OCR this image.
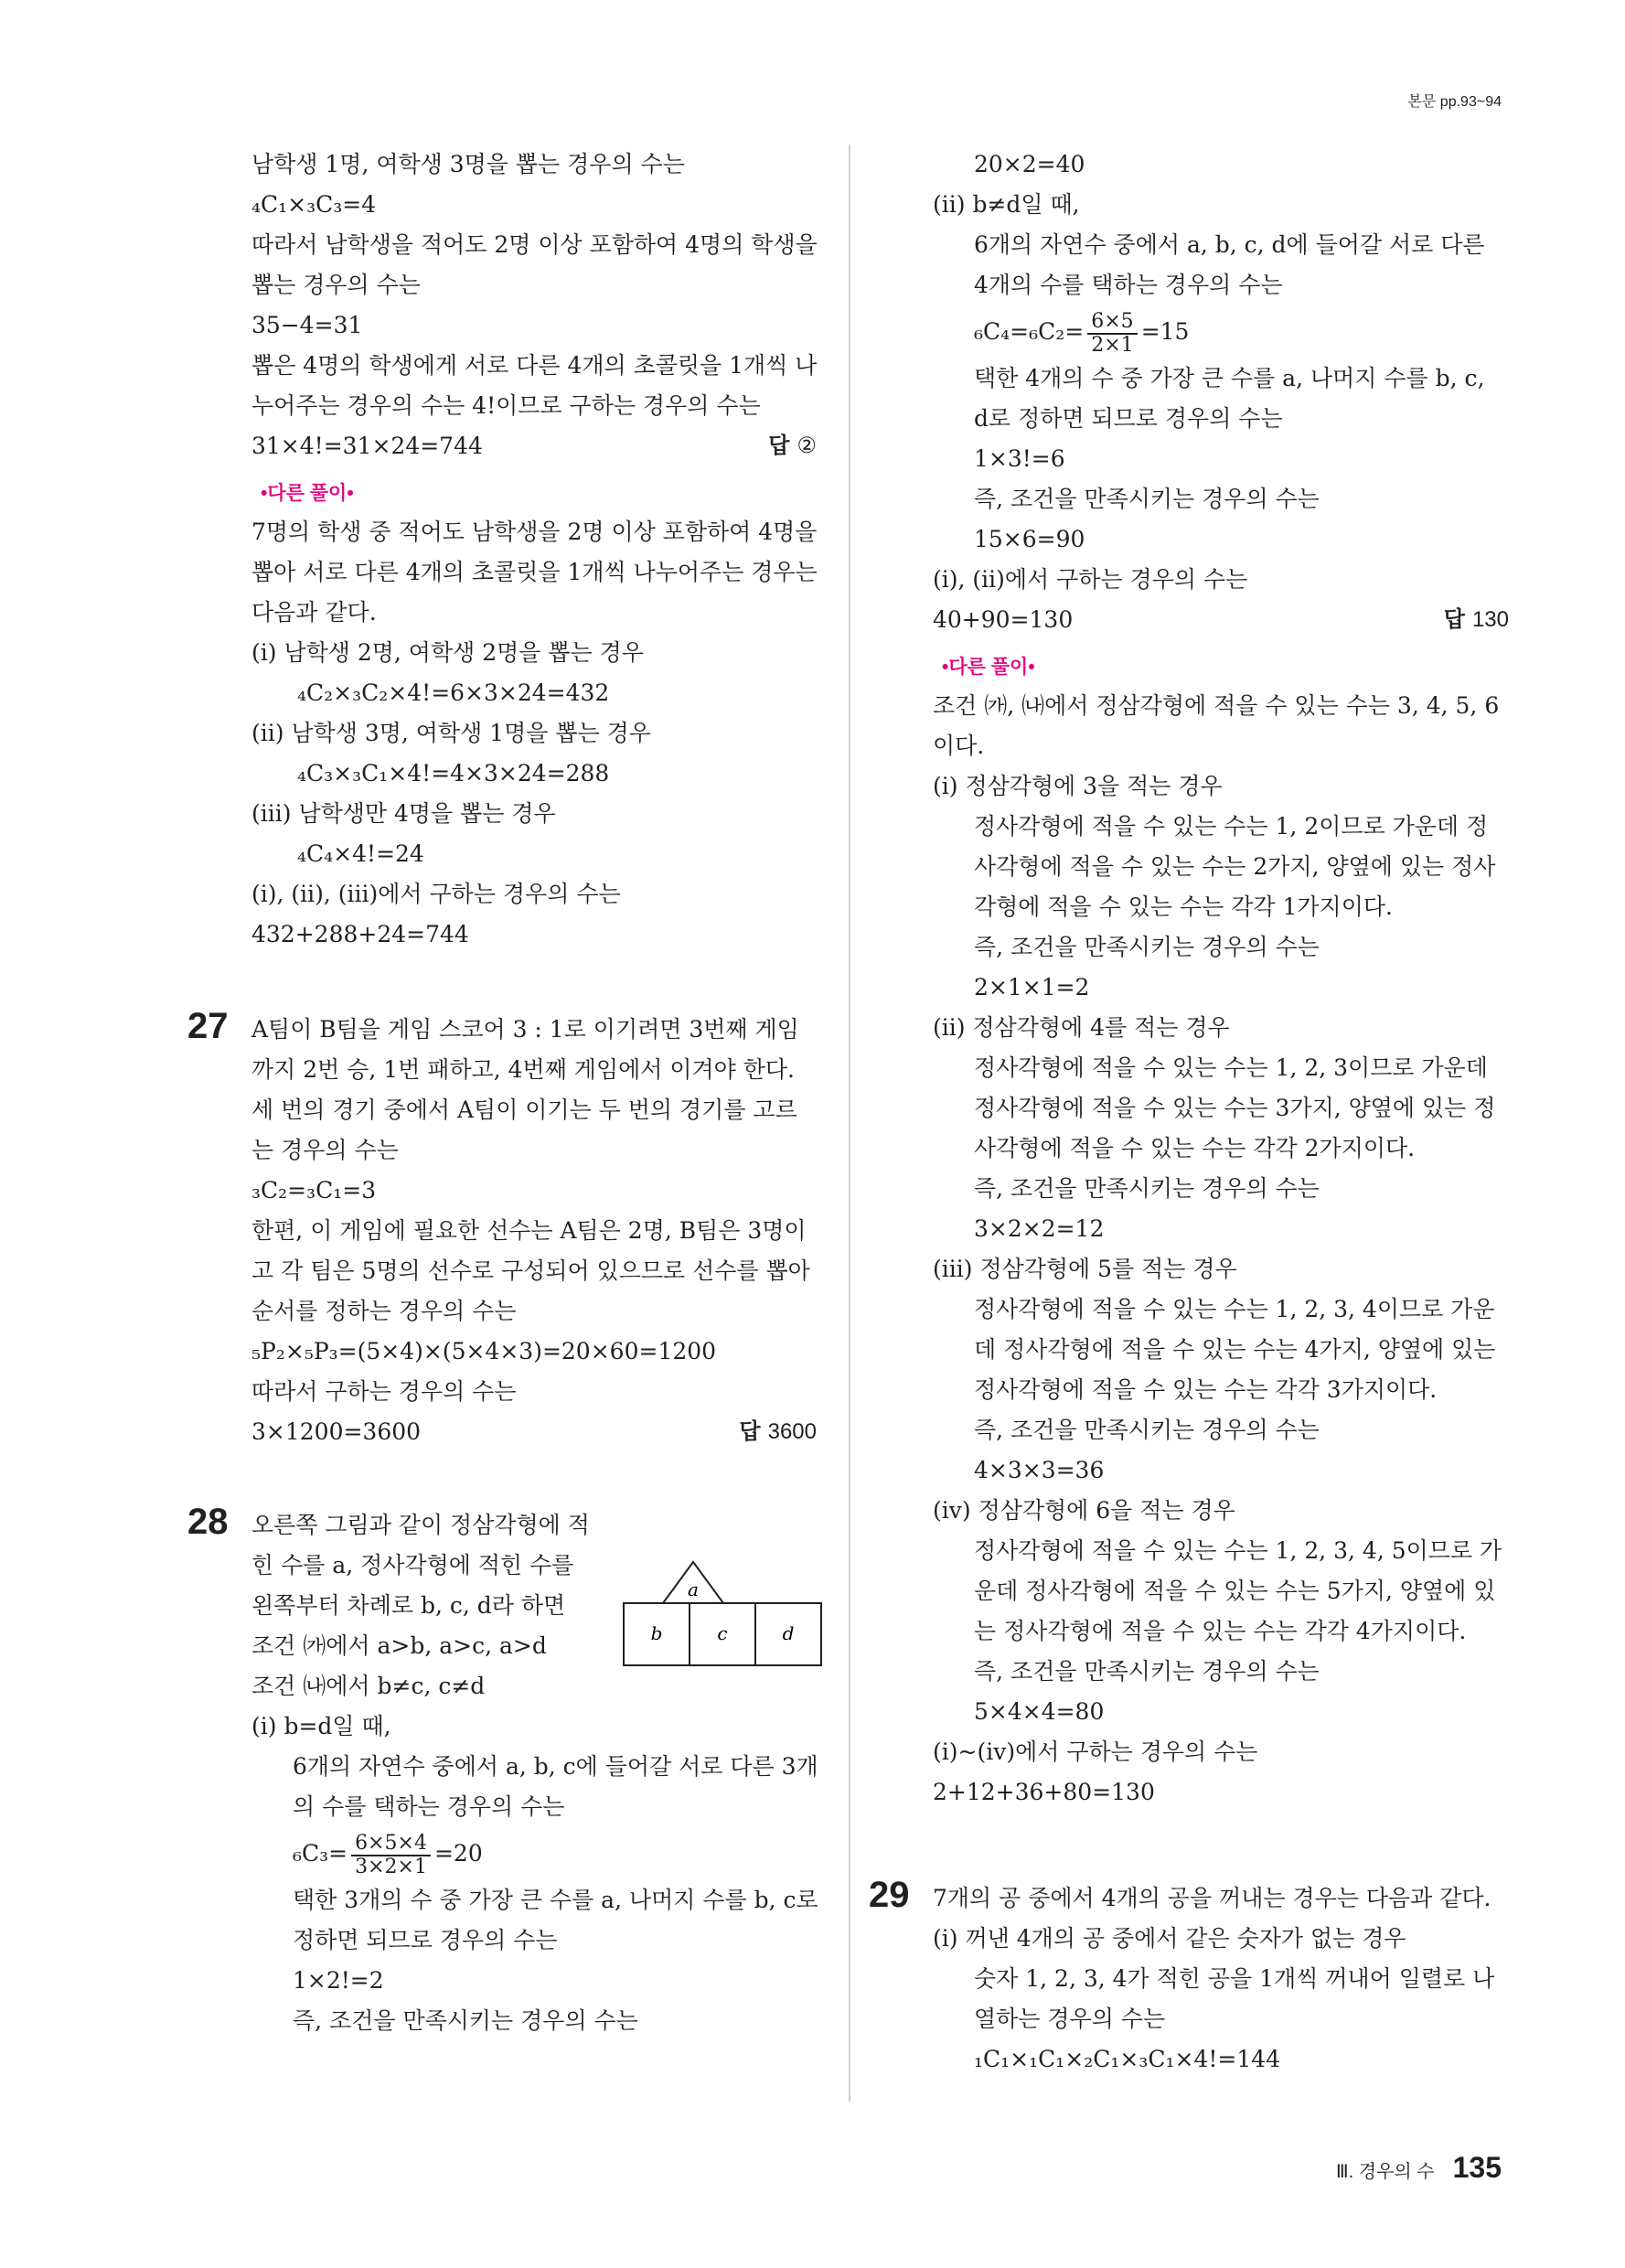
본문 pp.93~94
남학생 1명, 여학생 3명을 뽑는 경우의 수는
₄C₁×₃C₃=4
따라서 남학생을 적어도 2명 이상 포함하여 4명의 학생을
뽑는 경우의 수는
35−4=31
뽑은 4명의 학생에게 서로 다른 4개의 초콜릿을 1개씩 나
누어주는 경우의 수는 4!이므로 구하는 경우의 수는
31×4!=31×24=744	답 ②
•다른 풀이•
7명의 학생 중 적어도 남학생을 2명 이상 포함하여 4명을
뽑아 서로 다른 4개의 초콜릿을 1개씩 나누어주는 경우는
다음과 같다.
(ⅰ) 남학생 2명, 여학생 2명을 뽑는 경우
₄C₂×₃C₂×4!=6×3×24=432
(ⅱ) 남학생 3명, 여학생 1명을 뽑는 경우
₄C₃×₃C₁×4!=4×3×24=288
(ⅲ) 남학생만 4명을 뽑는 경우
₄C₄×4!=24
(ⅰ), (ⅱ), (ⅲ)에서 구하는 경우의 수는
432+288+24=744
27 A팀이 B팀을 게임 스코어 3 : 1로 이기려면 3번째 게임
까지 2번 승, 1번 패하고, 4번째 게임에서 이겨야 한다.
세 번의 경기 중에서 A팀이 이기는 두 번의 경기를 고르
는 경우의 수는
₃C₂=₃C₁=3
한편, 이 게임에 필요한 선수는 A팀은 2명, B팀은 3명이
고 각 팀은 5명의 선수로 구성되어 있으므로 선수를 뽑아
순서를 정하는 경우의 수는
₅P₂×₅P₃=(5×4)×(5×4×3)=20×60=1200
따라서 구하는 경우의 수는
3×1200=3600	답 3600
28 오른쪽 그림과 같이 정삼각형에 적
힌 수를 a, 정사각형에 적힌 수를
왼쪽부터 차례로 b, c, d라 하면
조건 ㈎에서 a>b, a>c, a>d
조건 ㈏에서 b≠c, c≠d
(ⅰ) b=d일 때,
6개의 자연수 중에서 a, b, c에 들어갈 서로 다른 3개
의 수를 택하는 경우의 수는
$_6C_3= \frac{6\times 5\times 4}{3\times 2\times 1} =20$
택한 3개의 수 중 가장 큰 수를 a, 나머지 수를 b, c로
정하면 되므로 경우의 수는
1×2!=2
즉, 조건을 만족시키는 경우의 수는
a
b	c	d
20×2=40
(ⅱ) b≠d일 때,
6개의 자연수 중에서 a, b, c, d에 들어갈 서로 다른
4개의 수를 택하는 경우의 수는
$_6C_4=_6C_2= \frac{6\times 5}{2\times 1} =15$
택한 4개의 수 중 가장 큰 수를 a, 나머지 수를 b, c,
d로 정하면 되므로 경우의 수는
1×3!=6
즉, 조건을 만족시키는 경우의 수는
15×6=90
(ⅰ), (ⅱ)에서 구하는 경우의 수는
40+90=130	답 130
•다른 풀이•
조건 ㈎, ㈏에서 정삼각형에 적을 수 있는 수는 3, 4, 5, 6
이다.
(ⅰ) 정삼각형에 3을 적는 경우
정사각형에 적을 수 있는 수는 1, 2이므로 가운데 정
사각형에 적을 수 있는 수는 2가지, 양옆에 있는 정사
각형에 적을 수 있는 수는 각각 1가지이다.
즉, 조건을 만족시키는 경우의 수는
2×1×1=2
(ⅱ) 정삼각형에 4를 적는 경우
정사각형에 적을 수 있는 수는 1, 2, 3이므로 가운데
정사각형에 적을 수 있는 수는 3가지, 양옆에 있는 정
사각형에 적을 수 있는 수는 각각 2가지이다.
즉, 조건을 만족시키는 경우의 수는
3×2×2=12
(ⅲ) 정삼각형에 5를 적는 경우
정사각형에 적을 수 있는 수는 1, 2, 3, 4이므로 가운
데 정사각형에 적을 수 있는 수는 4가지, 양옆에 있는
정사각형에 적을 수 있는 수는 각각 3가지이다.
즉, 조건을 만족시키는 경우의 수는
4×3×3=36
(ⅳ) 정삼각형에 6을 적는 경우
정사각형에 적을 수 있는 수는 1, 2, 3, 4, 5이므로 가
운데 정사각형에 적을 수 있는 수는 5가지, 양옆에 있
는 정사각형에 적을 수 있는 수는 각각 4가지이다.
즉, 조건을 만족시키는 경우의 수는
5×4×4=80
(ⅰ)~(ⅳ)에서 구하는 경우의 수는
2+12+36+80=130
29 7개의 공 중에서 4개의 공을 꺼내는 경우는 다음과 같다.
(ⅰ) 꺼낸 4개의 공 중에서 같은 숫자가 없는 경우
숫자 1, 2, 3, 4가 적힌 공을 1개씩 꺼내어 일렬로 나
열하는 경우의 수는
₁C₁×₁C₁×₂C₁×₃C₁×4!=144
Ⅲ. 경우의 수 135
